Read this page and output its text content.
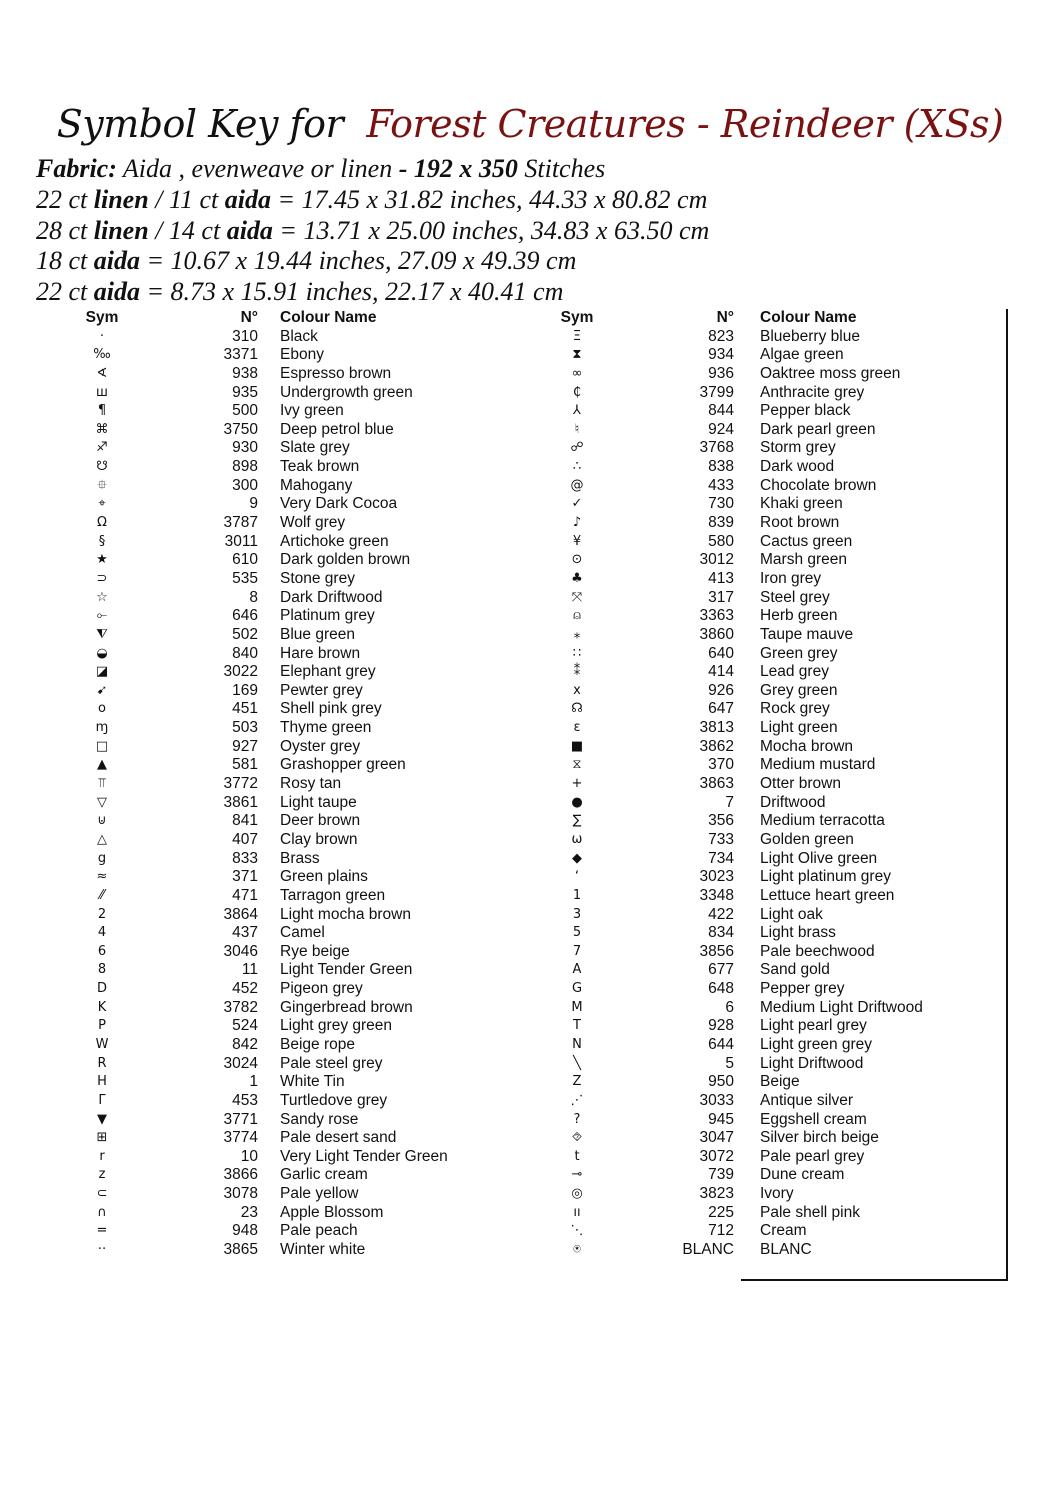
Symbol Key for Forest Creatures - Reindeer (XSs)
Fabric: Aida , evenweave or linen - 192 x 350 Stitches
22 ct linen / 11 ct aida = 17.45 x 31.82 inches, 44.33 x 80.82 cm
28 ct linen / 14 ct aida = 13.71 x 25.00 inches, 34.83 x 63.50 cm
18 ct aida = 10.67 x 19.44 inches, 27.09 x 49.39 cm
22 ct aida = 8.73 x 15.91 inches, 22.17 x 40.41 cm
Sym	N° Colour Name
·	310 Black
‰	3371 Ebony
∢	938 Espresso brown
ш	935 Undergrowth green
¶	500 Ivy green
⌘	3750 Deep petrol blue
♐	930 Slate grey
☋	898 Teak brown
⯐	300 Mahogany
⌖	9 Very Dark Cocoa
Ω	3787 Wolf grey
§	3011 Artichoke green
★	610 Dark golden brown
⊃	535 Stone grey
☆	8 Dark Driftwood
⟜	646 Platinum grey
⧨	502 Blue green
◒	840 Hare brown
◪	3022 Elephant grey
➹	169 Pewter grey
o	451 Shell pink grey
ɱ	503 Thyme green
□	927 Oyster grey
▲	581 Grashopper green
⫪	3772 Rosy tan
▽	3861 Light taupe
⊍	841 Deer brown
△	407 Clay brown
g	833 Brass
≈	371 Green plains
⁄⁄	471 Tarragon green
2	3864 Light mocha brown
4	437 Camel
6	3046 Rye beige
8	11 Light Tender Green
D	452 Pigeon grey
K	3782 Gingerbread brown
P	524 Light grey green
W	842 Beige rope
R	3024 Pale steel grey
H	1 White Tin
Γ	453 Turtledove grey
▼	3771 Sandy rose
⊞	3774 Pale desert sand
r	10 Very Light Tender Green
z	3866 Garlic cream
⊂	3078 Pale yellow
∩	23 Apple Blossom
=	948 Pale peach
··	3865 Winter white
Sym	N° Colour Name
Ξ	823 Blueberry blue
⧗	934 Algae green
∞	936 Oaktree moss green
₵	3799 Anthracite grey
⅄	844 Pepper black
♮	924 Dark pearl green
☍	3768 Storm grey
∴	838 Dark wood
@	433 Chocolate brown
✓	730 Khaki green
♪	839 Root brown
¥	580 Cactus green
⊙	3012 Marsh green
♣	413 Iron grey
⤧	317 Steel grey
⍝	3363 Herb green
⁎	3860 Taupe mauve
∷	640 Green grey
⁑	414 Lead grey
x	926 Grey green
☊	647 Rock grey
ɛ	3813 Light green
■	3862 Mocha brown
⧖	370 Medium mustard
+	3863 Otter brown
●	7 Driftwood
∑	356 Medium terracotta
ω	733 Golden green
◆	734 Light Olive green
ʻ	3023 Light platinum grey
1	3348 Lettuce heart green
3	422 Light oak
5	834 Light brass
7	3856 Pale beechwood
A	677 Sand gold
G	648 Pepper grey
M	6 Medium Light Driftwood
T	928 Light pearl grey
N	644 Light green grey
╲	5 Light Driftwood
Z	950 Beige
⋰	3033 Antique silver
?	945 Eggshell cream
⯑	3047 Silver birch beige
t	3072 Pale pearl grey
⊸	739 Dune cream
◎	3823 Ivory
ıı	225 Pale shell pink
⋱	712 Cream
⍟	BLANC BLANC
